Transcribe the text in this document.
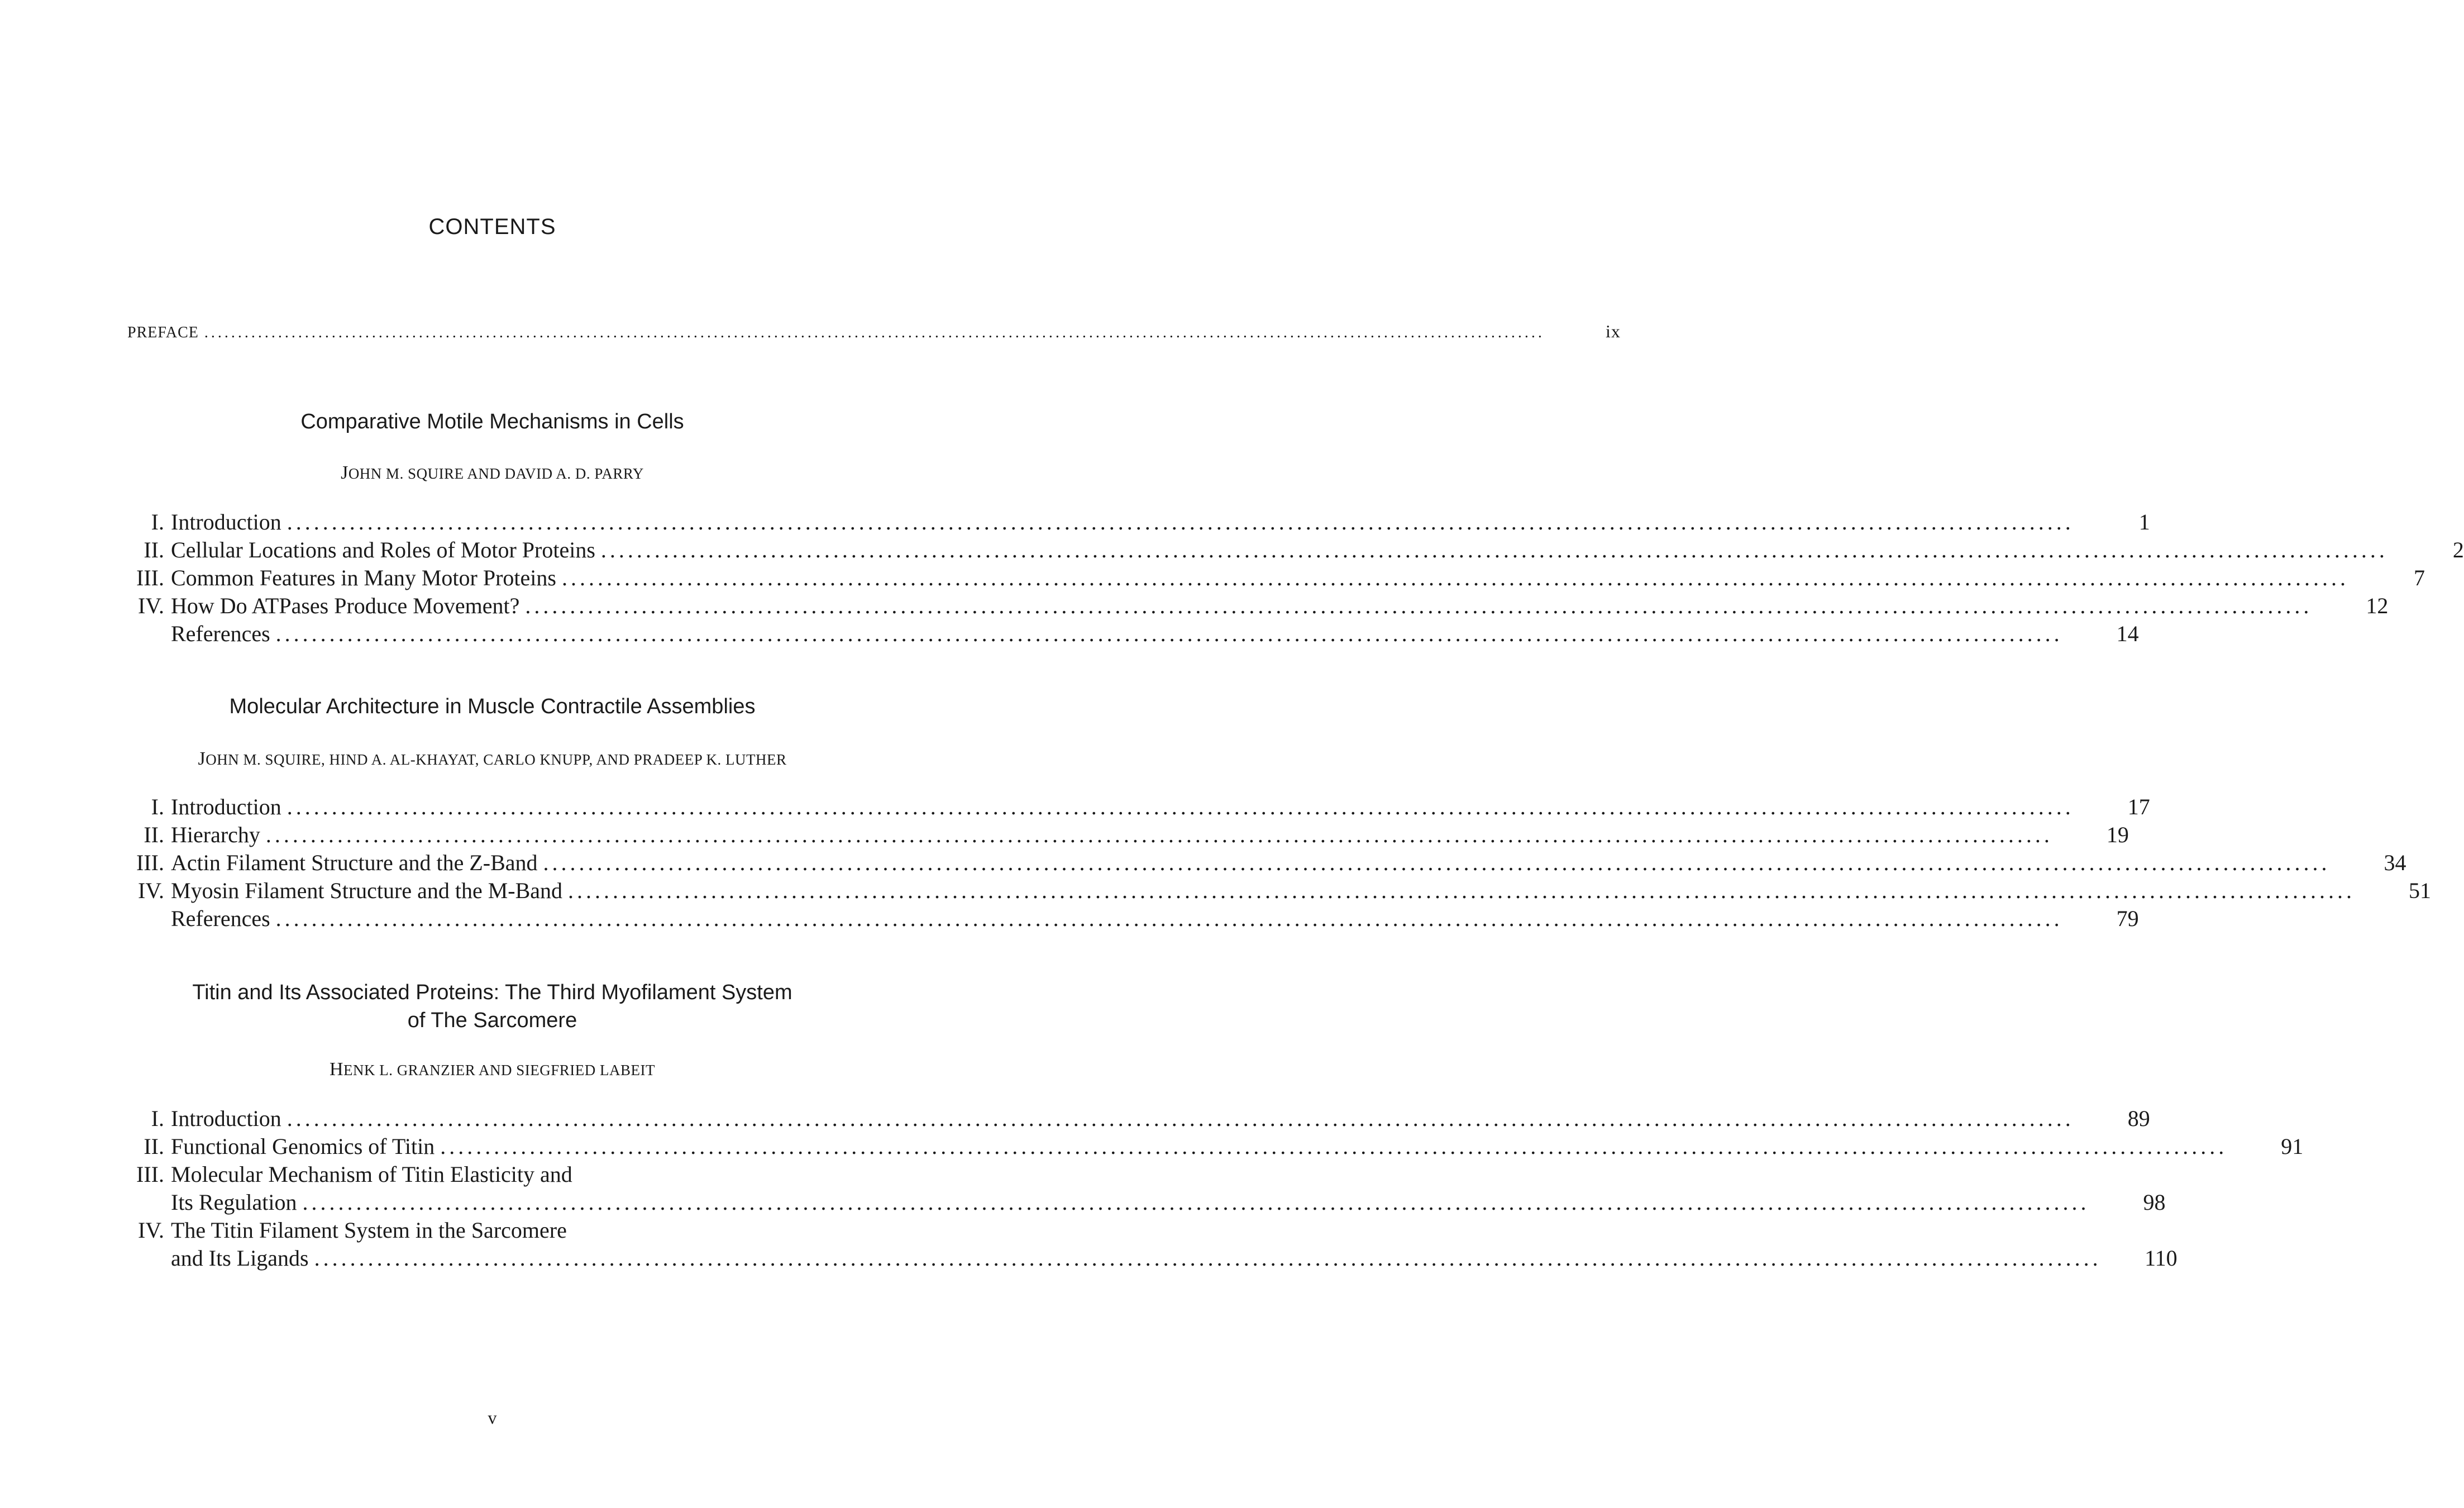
CONTENTS
PREFACE ........................................................................................................................................................................................................	ix
Comparative Motile Mechanisms in Cells
JOHN M. SQUIRE AND DAVID A. D. PARRY
I. Introduction ........................................................................................................................................................................................................	1
II. Cellular Locations and Roles of Motor Proteins ........................................................................................................................................................................................................	2
III. Common Features in Many Motor Proteins ........................................................................................................................................................................................................	7
IV. How Do ATPases Produce Movement? ........................................................................................................................................................................................................	12
References ........................................................................................................................................................................................................	14
Molecular Architecture in Muscle Contractile Assemblies
JOHN M. SQUIRE, HIND A. AL-KHAYAT, CARLO KNUPP, AND PRADEEP K. LUTHER
I. Introduction ........................................................................................................................................................................................................	17
II. Hierarchy ........................................................................................................................................................................................................	19
III. Actin Filament Structure and the Z-Band ........................................................................................................................................................................................................	34
IV. Myosin Filament Structure and the M-Band ........................................................................................................................................................................................................	51
References ........................................................................................................................................................................................................	79
Titin and Its Associated Proteins: The Third Myofilament System
of The Sarcomere
HENK L. GRANZIER AND SIEGFRIED LABEIT
I. Introduction ........................................................................................................................................................................................................	89
II. Functional Genomics of Titin ........................................................................................................................................................................................................	91
III. Molecular Mechanism of Titin Elasticity and
Its Regulation ........................................................................................................................................................................................................	98
IV. The Titin Filament System in the Sarcomere
and Its Ligands ........................................................................................................................................................................................................	110
v
